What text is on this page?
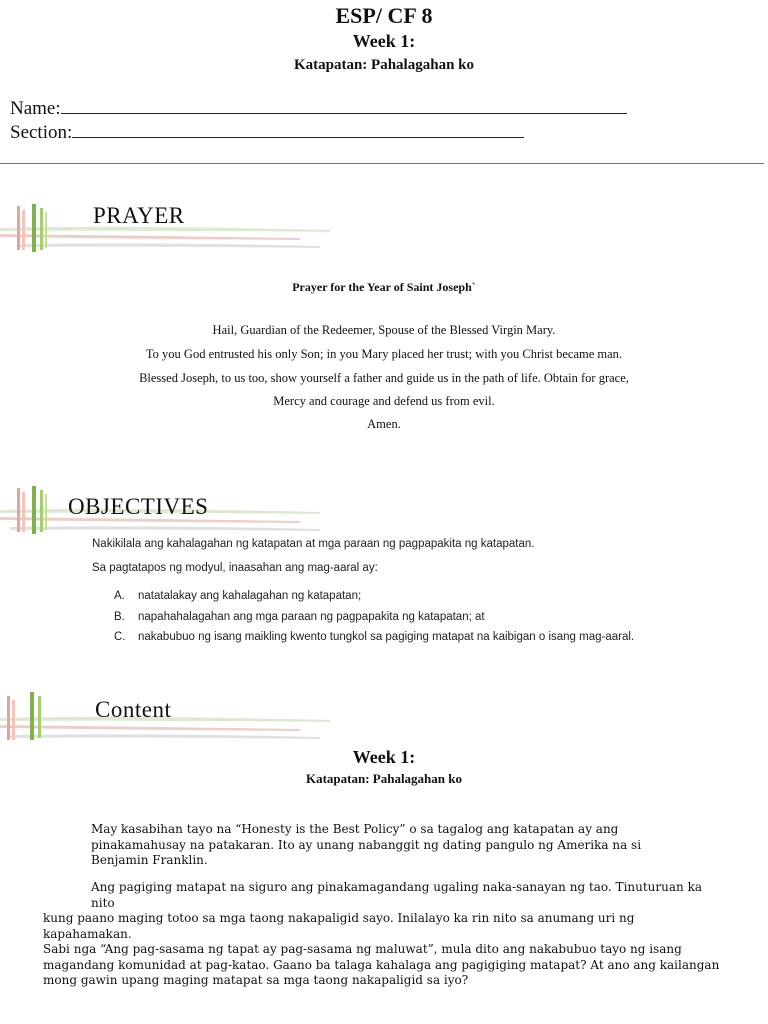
ESP/ CF 8
Week 1:
Katapatan: Pahalagahan ko
Name:
Section:
PRAYER
Prayer for the Year of Saint Joseph`
Hail, Guardian of the Redeemer, Spouse of the Blessed Virgin Mary.
To you God entrusted his only Son; in you Mary placed her trust; with you Christ became man.
Blessed Joseph, to us too, show yourself a father and guide us in the path of life. Obtain for grace,
Mercy and courage and defend us from evil.
Amen.
OBJECTIVES
Nakikilala ang kahalagahan ng katapatan at mga paraan ng pagpapakita ng katapatan.
Sa pagtatapos ng modyul, inaasahan ang mag-aaral ay:
A. natatalakay ang kahalagahan ng katapatan;
B. napahahalagahan ang mga paraan ng pagpapakita ng katapatan; at
C. nakabubuo ng isang maikling kwento tungkol sa pagiging matapat na kaibigan o isang mag-aaral.
Content
Week 1:
Katapatan: Pahalagahan ko
May kasabihan tayo na “Honesty is the Best Policy” o sa tagalog ang katapatan ay ang
pinakamahusay na patakaran. Ito ay unang nabanggit ng dating pangulo ng Amerika na si
Benjamin Franklin.
Ang pagiging matapat na siguro ang pinakamagandang ugaling naka-sanayan ng tao. Tinuturuan ka nito
kung paano maging totoo sa mga taong nakapaligid sayo. Inilalayo ka rin nito sa anumang uri ng kapahamakan.
Sabi nga “Ang pag-sasama ng tapat ay pag-sasama ng maluwat”, mula dito ang nakabubuo tayo ng isang
magandang komunidad at pag-katao. Gaano ba talaga kahalaga ang pagigiging matapat? At ano ang kailangan
mong gawin upang maging matapat sa mga taong nakapaligid sa iyo?
